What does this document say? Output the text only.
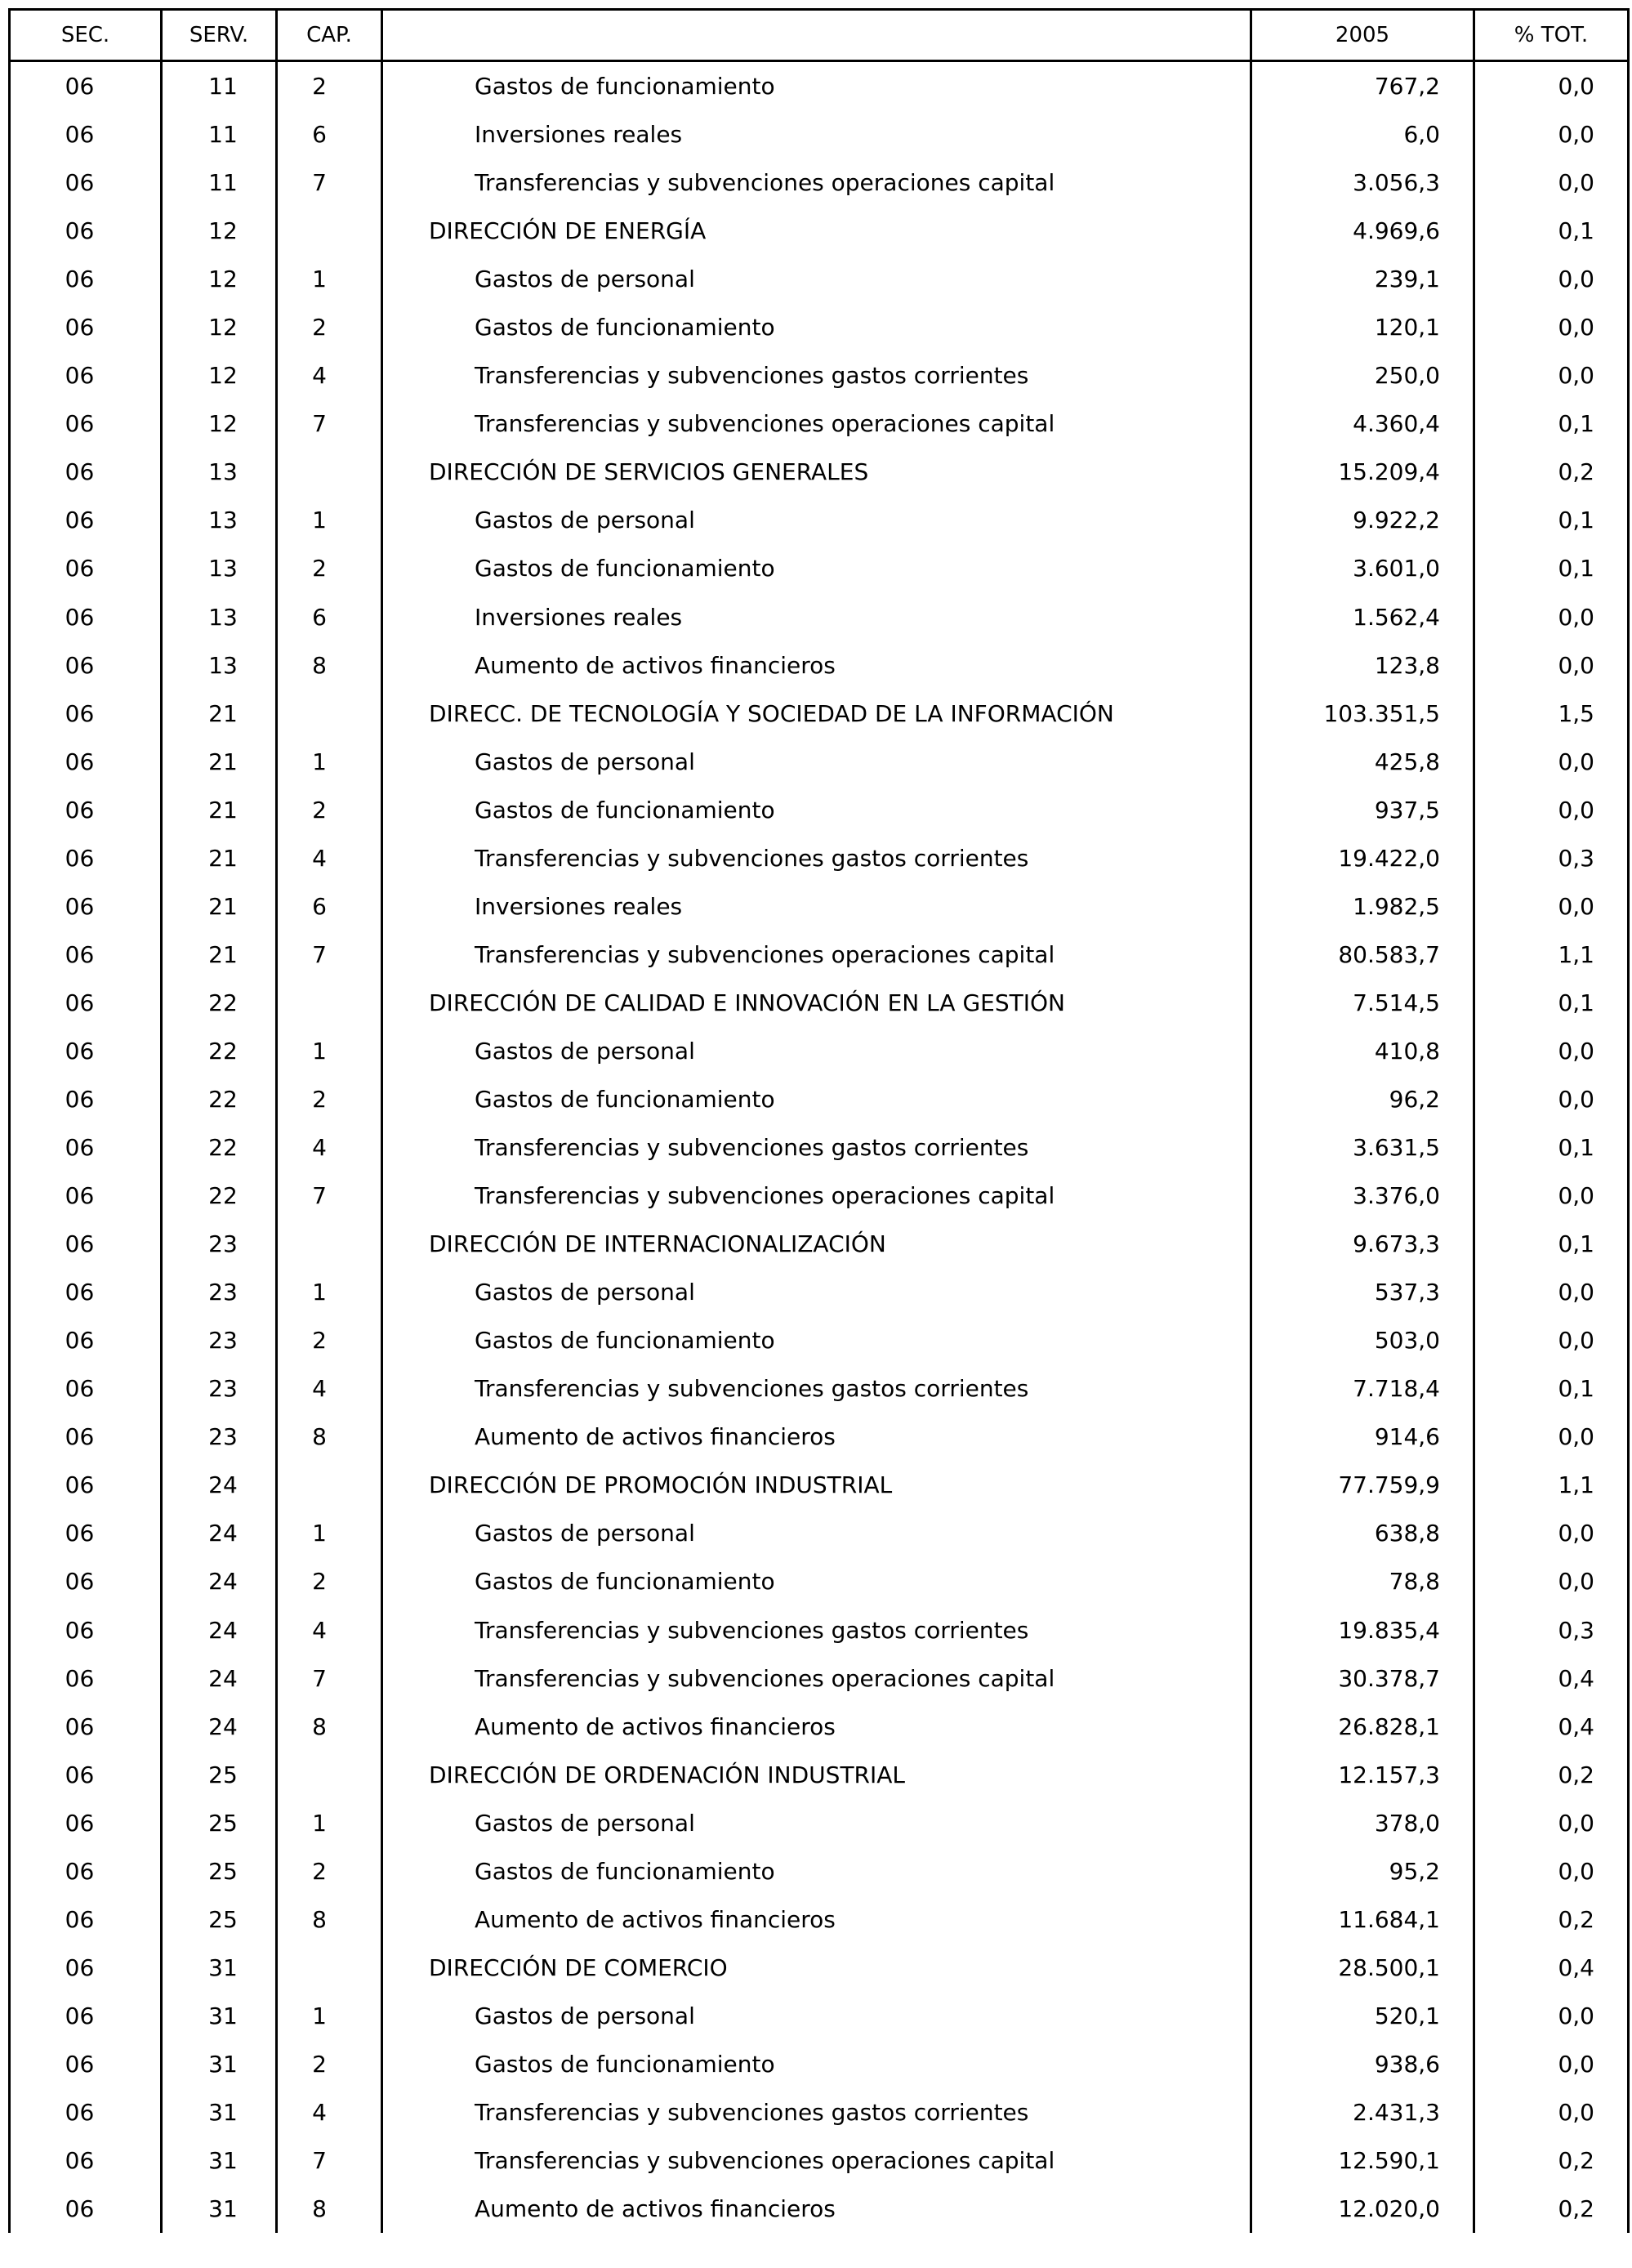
SEC.	SERV.	CAP.		2005	% TOT.
06	11	2	Gastos de funcionamiento	767,2	0,0
06	11	6	Inversiones reales	6,0	0,0
06	11	7	Transferencias y subvenciones operaciones capital	3.056,3	0,0
06	12		DIRECCIÓN DE ENERGÍA	4.969,6	0,1
06	12	1	Gastos de personal	239,1	0,0
06	12	2	Gastos de funcionamiento	120,1	0,0
06	12	4	Transferencias y subvenciones gastos corrientes	250,0	0,0
06	12	7	Transferencias y subvenciones operaciones capital	4.360,4	0,1
06	13		DIRECCIÓN DE SERVICIOS GENERALES	15.209,4	0,2
06	13	1	Gastos de personal	9.922,2	0,1
06	13	2	Gastos de funcionamiento	3.601,0	0,1
06	13	6	Inversiones reales	1.562,4	0,0
06	13	8	Aumento de activos financieros	123,8	0,0
06	21		DIRECC. DE TECNOLOGÍA Y SOCIEDAD DE LA INFORMACIÓN	103.351,5	1,5
06	21	1	Gastos de personal	425,8	0,0
06	21	2	Gastos de funcionamiento	937,5	0,0
06	21	4	Transferencias y subvenciones gastos corrientes	19.422,0	0,3
06	21	6	Inversiones reales	1.982,5	0,0
06	21	7	Transferencias y subvenciones operaciones capital	80.583,7	1,1
06	22		DIRECCIÓN DE CALIDAD E INNOVACIÓN EN LA GESTIÓN	7.514,5	0,1
06	22	1	Gastos de personal	410,8	0,0
06	22	2	Gastos de funcionamiento	96,2	0,0
06	22	4	Transferencias y subvenciones gastos corrientes	3.631,5	0,1
06	22	7	Transferencias y subvenciones operaciones capital	3.376,0	0,0
06	23		DIRECCIÓN DE INTERNACIONALIZACIÓN	9.673,3	0,1
06	23	1	Gastos de personal	537,3	0,0
06	23	2	Gastos de funcionamiento	503,0	0,0
06	23	4	Transferencias y subvenciones gastos corrientes	7.718,4	0,1
06	23	8	Aumento de activos financieros	914,6	0,0
06	24		DIRECCIÓN DE PROMOCIÓN INDUSTRIAL	77.759,9	1,1
06	24	1	Gastos de personal	638,8	0,0
06	24	2	Gastos de funcionamiento	78,8	0,0
06	24	4	Transferencias y subvenciones gastos corrientes	19.835,4	0,3
06	24	7	Transferencias y subvenciones operaciones capital	30.378,7	0,4
06	24	8	Aumento de activos financieros	26.828,1	0,4
06	25		DIRECCIÓN DE ORDENACIÓN INDUSTRIAL	12.157,3	0,2
06	25	1	Gastos de personal	378,0	0,0
06	25	2	Gastos de funcionamiento	95,2	0,0
06	25	8	Aumento de activos financieros	11.684,1	0,2
06	31		DIRECCIÓN DE COMERCIO	28.500,1	0,4
06	31	1	Gastos de personal	520,1	0,0
06	31	2	Gastos de funcionamiento	938,6	0,0
06	31	4	Transferencias y subvenciones gastos corrientes	2.431,3	0,0
06	31	7	Transferencias y subvenciones operaciones capital	12.590,1	0,2
06	31	8	Aumento de activos financieros	12.020,0	0,2
